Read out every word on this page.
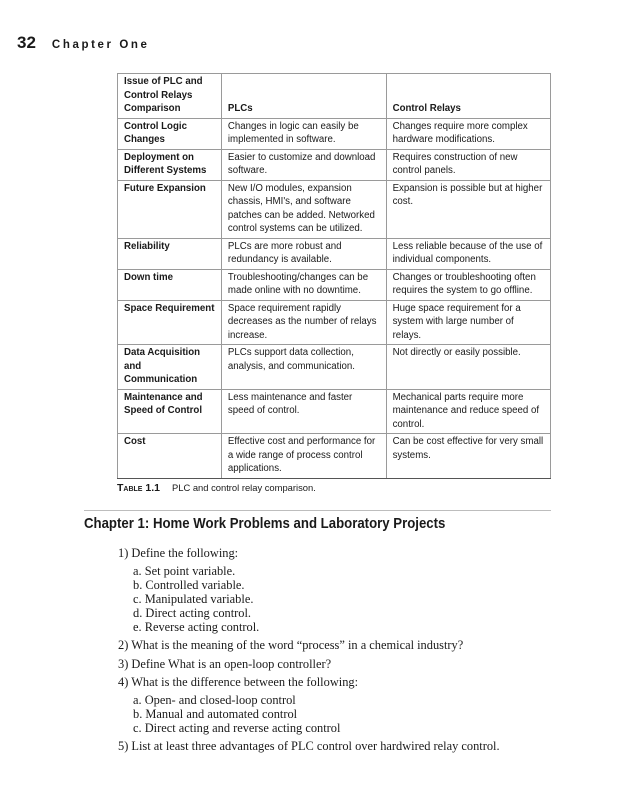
32 Chapter One
Issue of PLC and Control Relays Comparison	PLCs	Control Relays
Control Logic Changes	Changes in logic can easily be implemented in software.	Changes require more complex hardware modifications.
Deployment on Different Systems	Easier to customize and download software.	Requires construction of new control panels.
Future Expansion	New I/O modules, expansion chassis, HMI's, and software patches can be added. Networked control systems can be utilized.	Expansion is possible but at higher cost.
Reliability	PLCs are more robust and redundancy is available.	Less reliable because of the use of individual components.
Down time	Troubleshooting/changes can be made online with no downtime.	Changes or troubleshooting often requires the system to go offline.
Space Requirement	Space requirement rapidly decreases as the number of relays increase.	Huge space requirement for a system with large number of relays.
Data Acquisition and Communication	PLCs support data collection, analysis, and communication.	Not directly or easily possible.
Maintenance and Speed of Control	Less maintenance and faster speed of control.	Mechanical parts require more maintenance and reduce speed of control.
Cost	Effective cost and performance for a wide range of process control applications.	Can be cost effective for very small systems.
Table 1.1 PLC and control relay comparison.
Chapter 1: Home Work Problems and Laboratory Projects
1) Define the following:
a. Set point variable.
b. Controlled variable.
c. Manipulated variable.
d. Direct acting control.
e. Reverse acting control.
2) What is the meaning of the word “process” in a chemical industry?
3) Define What is an open-loop controller?
4) What is the difference between the following:
a. Open- and closed-loop control
b. Manual and automated control
c. Direct acting and reverse acting control
5) List at least three advantages of PLC control over hardwired relay control.
